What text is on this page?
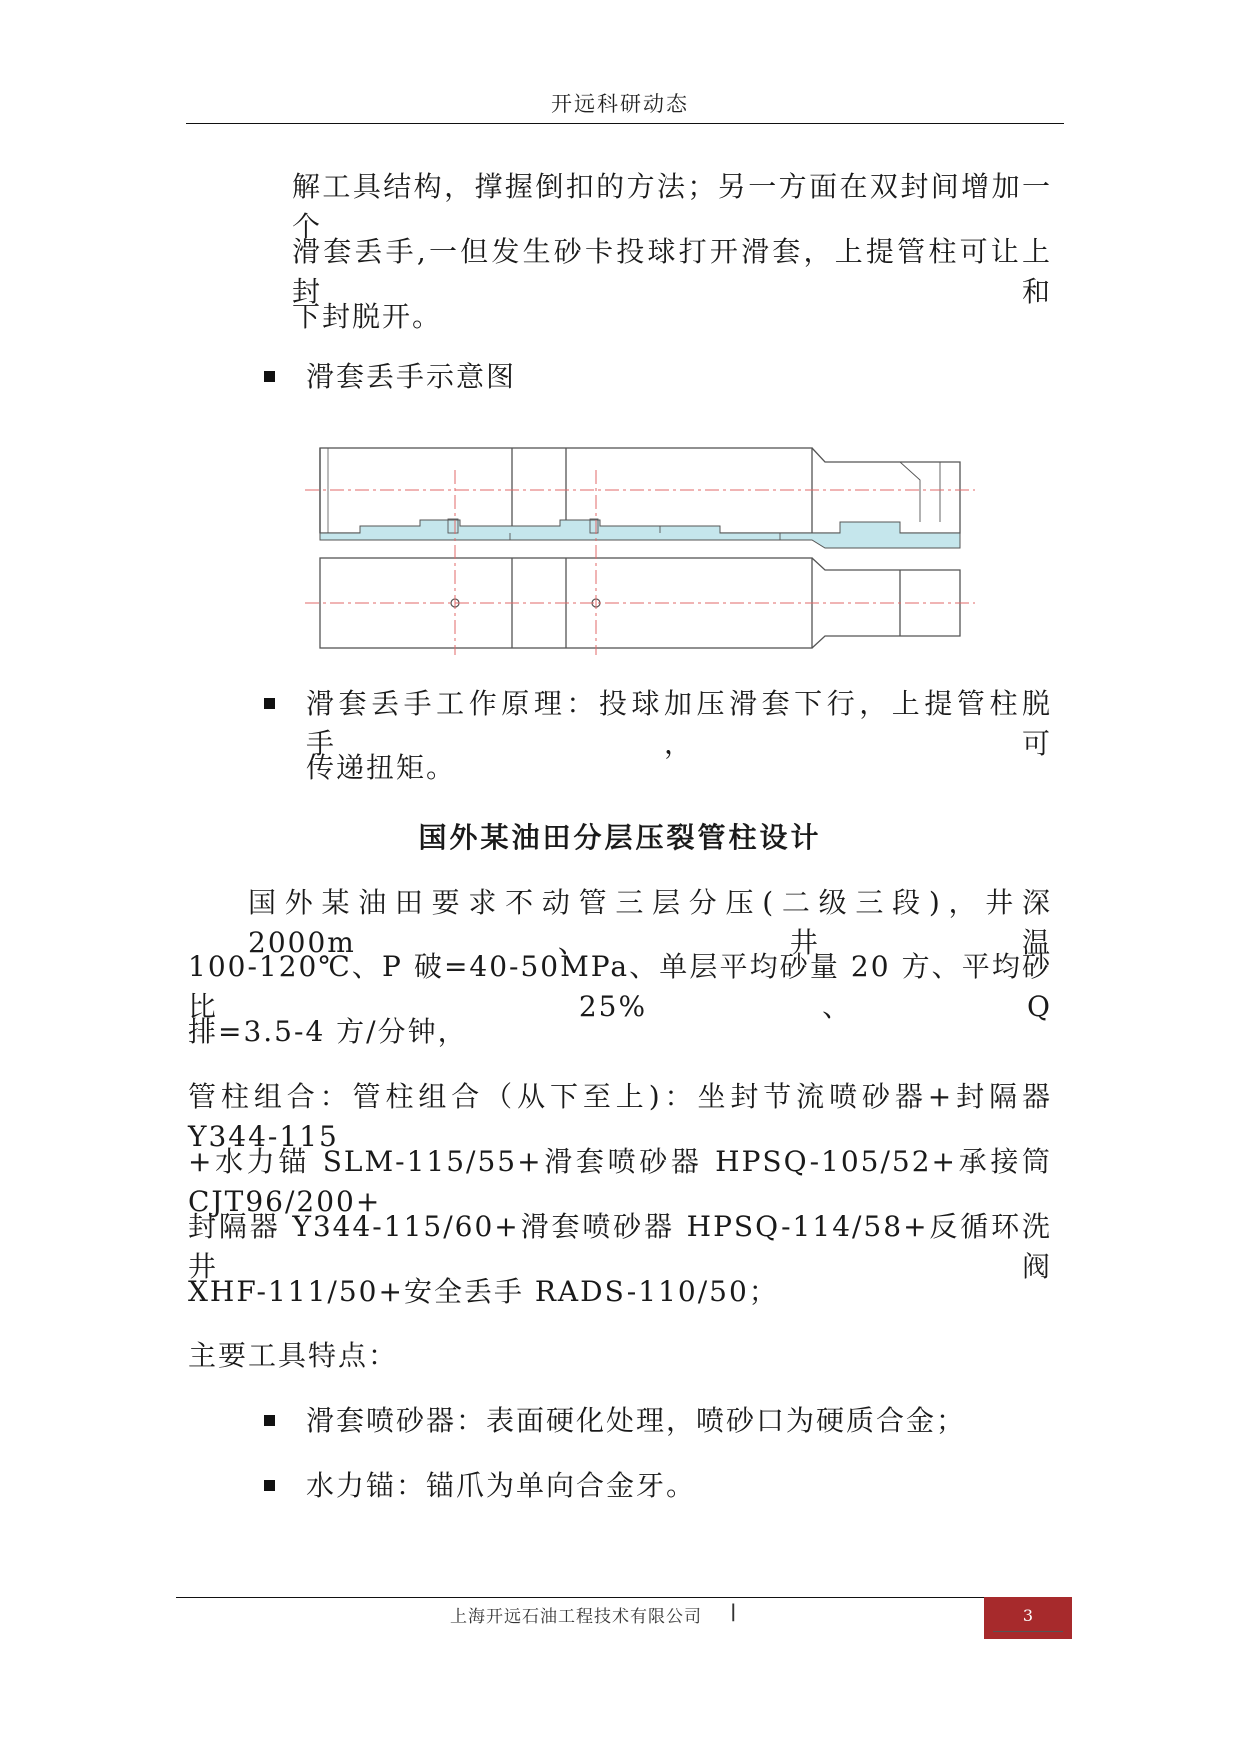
开远科研动态
解工具结构，撑握倒扣的方法；另一方面在双封间增加一个
滑套丢手,一但发生砂卡投球打开滑套，上提管柱可让上封和
下封脱开。
滑套丢手示意图
滑套丢手工作原理：投球加压滑套下行，上提管柱脱手，可
传递扭矩。
国外某油田分层压裂管柱设计
国外某油田要求不动管三层分压(二级三段)，井深 2000m、井温
100-120℃、P 破=40-50MPa、单层平均砂量 20 方、平均砂比 25%、Q
排=3.5-4 方/分钟，
管柱组合：管柱组合（从下至上)：坐封节流喷砂器+封隔器 Y344-115
+水力锚 SLM-115/55+滑套喷砂器 HPSQ-105/52+承接筒 CJT96/200+
封隔器 Y344-115/60+滑套喷砂器 HPSQ-114/58+反循环洗井阀
XHF-111/50+安全丢手 RADS-110/50；
主要工具特点：
滑套喷砂器：表面硬化处理，喷砂口为硬质合金；
水力锚：锚爪为单向合金牙。
上海开远石油工程技术有限公司 |	3
